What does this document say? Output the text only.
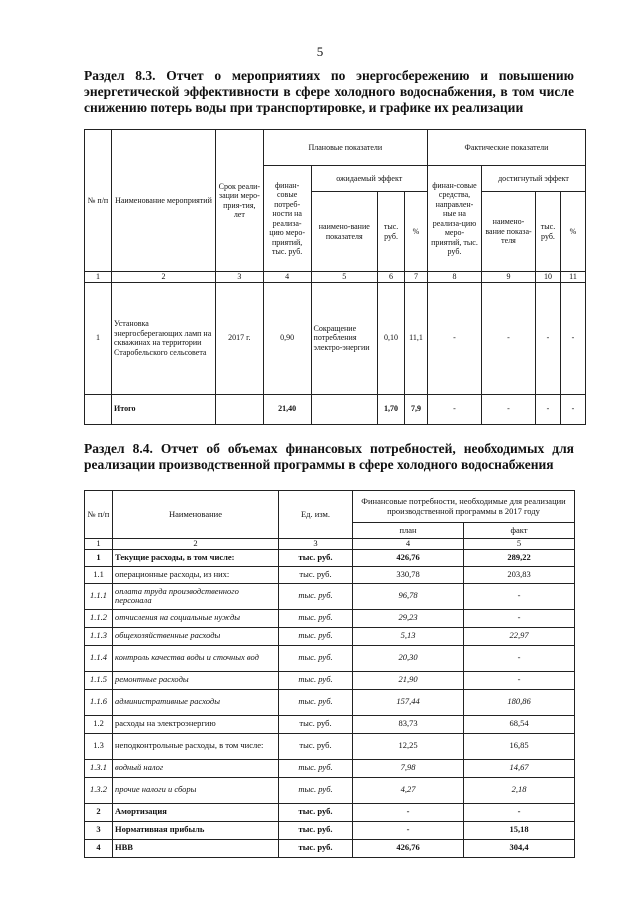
5
Раздел 8.3. Отчет о мероприятиях по энергосбережению и повышению энергетической эффективности в сфере холодного водоснабжения, в том числе снижению потерь воды при транспортировке, и графике их реализации
№ п/п	Наименование мероприятий	Срок реали-зации меро-прия-тия, лет	Плановые показатели				Фактические показатели			
			финан-совые потреб-ности на реализа-цию меро-приятий, тыс. руб.	ожидаемый эффект			финан-совые средства, направлен-ные на реализа-цию меро-приятий, тыс. руб.	достигнутый эффект		
				наимено-вание показателя	тыс. руб.	%		наимено-вание показа-теля	тыс. руб.	%
1	2	3	4	5	6	7	8	9	10	11
1	Установка энергосберегающих ламп на скважинах на территории Старобельского сельсовета	2017 г.	0,90	Сокращение потребления электро-энергии	0,10	11,1	-	-	-	-
	Итого		21,40		1,70	7,9	-	-	-	-
Раздел 8.4. Отчет об объемах финансовых потребностей, необходимых для реализации производственной программы в сфере холодного водоснабжения
№ п/п	Наименование	Ед. изм.	Финансовые потребности, необходимые для реализации производственной программы в 2017 году	
			план	факт
1	2	3	4	5
1	Текущие расходы, в том числе:	тыс. руб.	426,76	289,22
1.1	операционные расходы, из них:	тыс. руб.	330,78	203,83
1.1.1	оплата труда производственного персонала	тыс. руб.	96,78	-
1.1.2	отчисления на социальные нужды	тыс. руб.	29,23	-
1.1.3	общехозяйственные расходы	тыс. руб.	5,13	22,97
1.1.4	контроль качества воды и сточных вод	тыс. руб.	20,30	-
1.1.5	ремонтные расходы	тыс. руб.	21,90	-
1.1.6	административные расходы	тыс. руб.	157,44	180,86
1.2	расходы на электроэнергию	тыс. руб.	83,73	68,54
1.3	неподконтрольные расходы, в том числе:	тыс. руб.	12,25	16,85
1.3.1	водный налог	тыс. руб.	7,98	14,67
1.3.2	прочие налоги и сборы	тыс. руб.	4,27	2,18
2	Амортизация	тыс. руб.	-	-
3	Нормативная прибыль	тыс. руб.	-	15,18
4	НВВ	тыс. руб.	426,76	304,4
